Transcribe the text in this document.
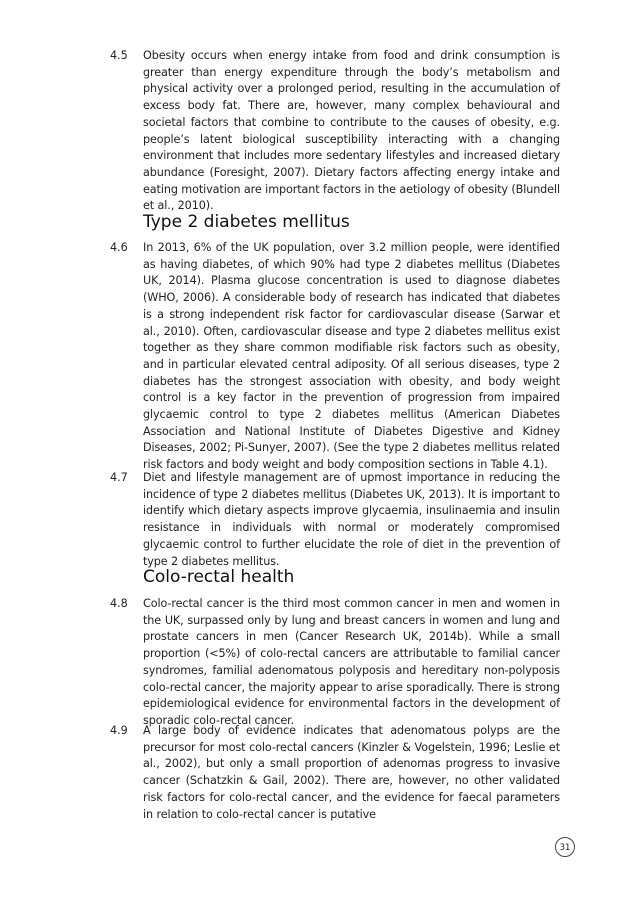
4.5	Obesity occurs when energy intake from food and drink consumption is greater than energy expenditure through the body’s metabolism and physical activity over a prolonged period, resulting in the accumulation of excess body fat. There are, however, many complex behavioural and societal factors that combine to contribute to the causes of obesity, e.g. people’s latent biological susceptibility interacting with a changing environment that includes more sedentary lifestyles and increased dietary abundance (Foresight, 2007). Dietary factors affecting energy intake and eating motivation are important factors in the aetiology of obesity (Blundell et al., 2010).
Type 2 diabetes mellitus
4.6	In 2013, 6% of the UK population, over 3.2 million people, were identified as having diabetes, of which 90% had type 2 diabetes mellitus (Diabetes UK, 2014). Plasma glucose concentration is used to diagnose diabetes (WHO, 2006). A considerable body of research has indicated that diabetes is a strong independent risk factor for cardiovascular disease (Sarwar et al., 2010). Often, cardiovascular disease and type 2 diabetes mellitus exist together as they share common modifiable risk factors such as obesity, and in particular elevated central adiposity. Of all serious diseases, type 2 diabetes has the strongest association with obesity, and body weight control is a key factor in the prevention of progression from impaired glycaemic control to type 2 diabetes mellitus (American Diabetes Association and National Institute of Diabetes Digestive and Kidney Diseases, 2002; Pi-Sunyer, 2007). (See the type 2 diabetes mellitus related risk factors and body weight and body composition sections in Table 4.1).
4.7	Diet and lifestyle management are of upmost importance in reducing the incidence of type 2 diabetes mellitus (Diabetes UK, 2013). It is important to identify which dietary aspects improve glycaemia, insulinaemia and insulin resistance in individuals with normal or moderately compromised glycaemic control to further elucidate the role of diet in the prevention of type 2 diabetes mellitus.
Colo-rectal health
4.8	Colo-rectal cancer is the third most common cancer in men and women in the UK, surpassed only by lung and breast cancers in women and lung and prostate cancers in men (Cancer Research UK, 2014b). While a small proportion (<5%) of colo-rectal cancers are attributable to familial cancer syndromes, familial adenomatous polyposis and hereditary non-polyposis colo-rectal cancer, the majority appear to arise sporadically. There is strong epidemiological evidence for environmental factors in the development of sporadic colo-rectal cancer.
4.9	A large body of evidence indicates that adenomatous polyps are the precursor for most colo-rectal cancers (Kinzler & Vogelstein, 1996; Leslie et al., 2002), but only a small proportion of adenomas progress to invasive cancer (Schatzkin & Gail, 2002). There are, however, no other validated risk factors for colo-rectal cancer, and the evidence for faecal parameters in relation to colo-rectal cancer is putative
31
